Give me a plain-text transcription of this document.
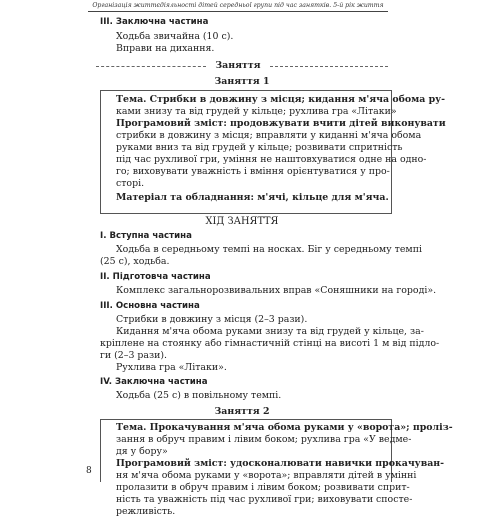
Організація життєдіяльності дітей середньої групи під час занятків. 5-й рік життя
III. Заключна частина
Ходьба звичайна (10 с).
Вправи на дихання.
Заняття
Заняття 1
Тема. Стрибки в довжину з місця; кидання м'яча обома ру-
ками знизу та від грудей у кільце; рухлива гра «Літаки»
Програмовий зміст: продовжувати вчити дітей виконувати
стрибки в довжину з місця; вправляти у киданні м'яча обома
руками вниз та від грудей у кільце; розвивати спритність
під час рухливої гри, уміння не наштовхуватися одне на одно-
го; виховувати уважність і вміння орієнтуватися у про-
сторі.
Матеріал та обладнання: м'ячі, кільце для м'яча.
ХІД ЗАНЯТТЯ
I. Вступна частина
Ходьба в середньому темпі на носках. Біг у середньому темпі
(25 с), ходьба.
II. Підготовча частина
Комплекс загальнорозвивальних вправ «Соняшники на городі».
III. Основна частина
Стрибки в довжину з місця (2–3 рази).
Кидання м'яча обома руками знизу та від грудей у кільце, за-
кріплене на стоянку або гімнастичній стінці на висоті 1 м від підло-
ги (2–3 рази).
Рухлива гра «Літаки».
IV. Заключна частина
Ходьба (25 с) в повільному темпі.
Заняття 2
Тема. Прокачування м'яча обома руками у «ворота»; проліз-
зання в обруч правим і лівим боком; рухлива гра «У ведме-
дя у бору»
Програмовий зміст: удосконалювати навички прокачуван-
ня м'яча обома руками у «ворота»; вправляти дітей в умінні
пролазити в обруч правим і лівим боком; розвивати сприт-
ність та уважність під час рухливої гри; виховувати спосте-
режливість.
8
